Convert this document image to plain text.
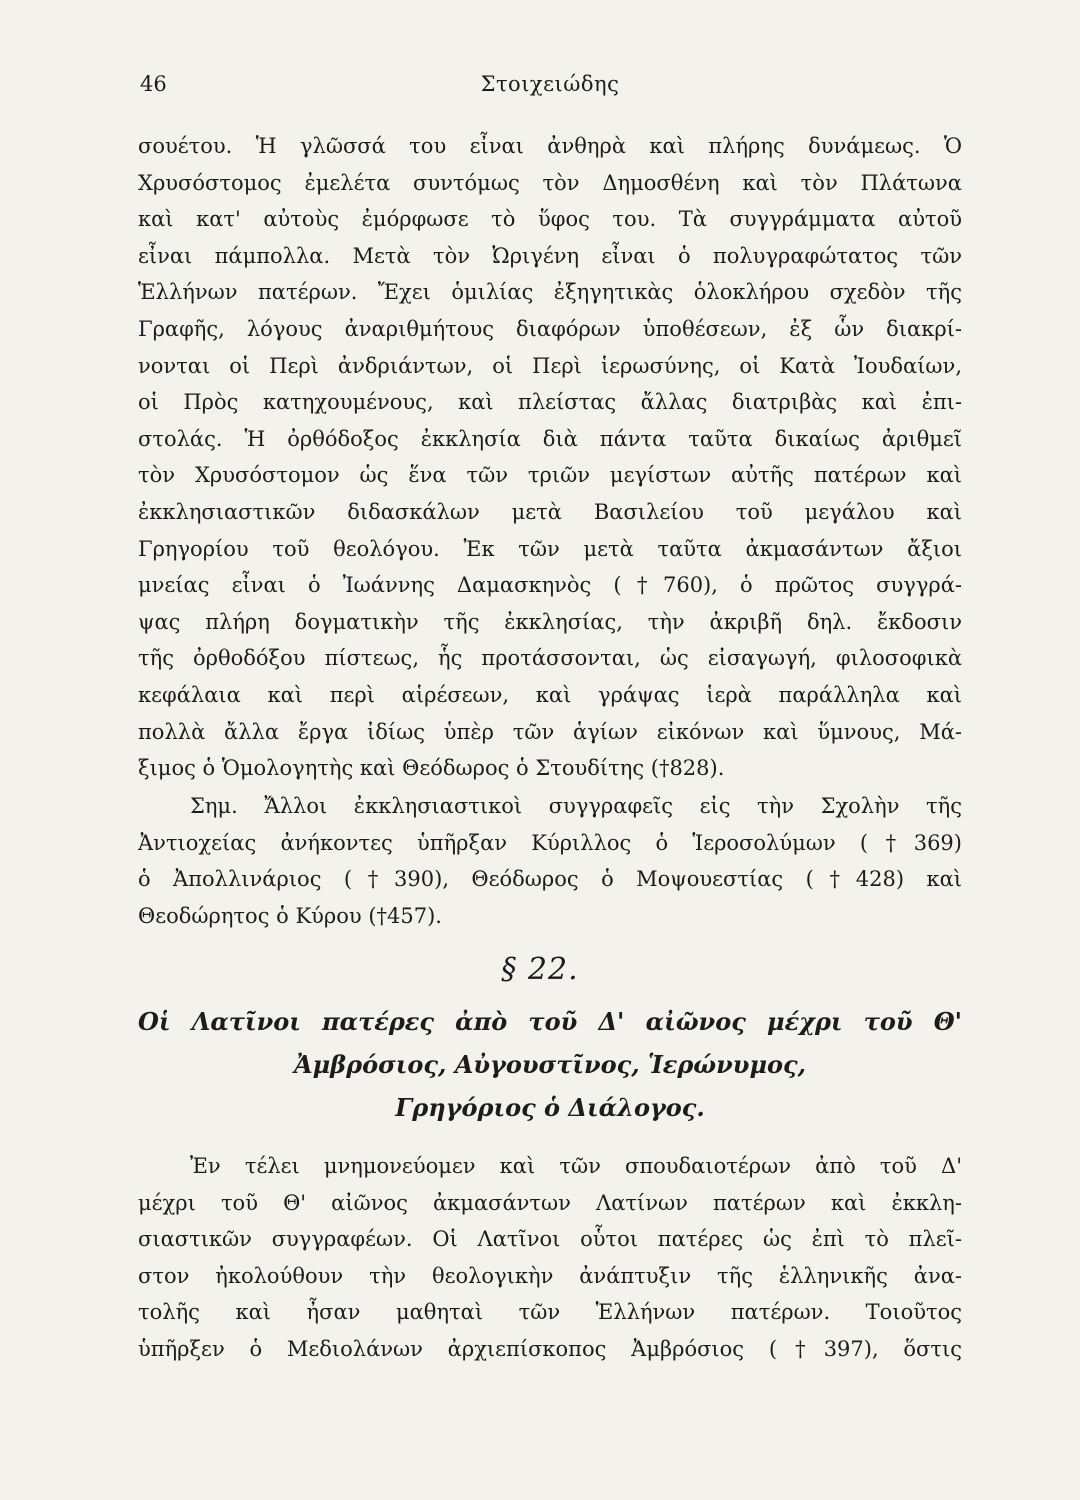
46	Στοιχειώδης
σουέτου. Ἡ γλῶσσά του εἶναι ἀνθηρὰ καὶ πλήρης δυνάμεως. Ὁ
Χρυσόστομος ἐμελέτα συντόμως τὸν Δημοσθένη καὶ τὸν Πλάτωνα
καὶ κατ' αὐτοὺς ἐμόρφωσε τὸ ὕφος του. Τὰ συγγράμματα αὐτοῦ
εἶναι πάμπολλα. Μετὰ τὸν Ὠριγένη εἶναι ὁ πολυγραφώτατος τῶν
Ἑλλήνων πατέρων. Ἔχει ὁμιλίας ἐξηγητικὰς ὁλοκλήρου σχεδὸν τῆς
Γραφῆς, λόγους ἀναριθμήτους διαφόρων ὑποθέσεων, ἐξ ὧν διακρί-
νονται οἱ Περὶ ἀνδριάντων, οἱ Περὶ ἱερωσύνης, οἱ Κατὰ Ἰουδαίων,
οἱ Πρὸς κατηχουμένους, καὶ πλείστας ἄλλας διατριβὰς καὶ ἐπι-
στολάς. Ἡ ὀρθόδοξος ἐκκλησία διὰ πάντα ταῦτα δικαίως ἀριθμεῖ
τὸν Χρυσόστομον ὡς ἕνα τῶν τριῶν μεγίστων αὐτῆς πατέρων καὶ
ἐκκλησιαστικῶν διδασκάλων μετὰ Βασιλείου τοῦ μεγάλου καὶ
Γρηγορίου τοῦ θεολόγου. Ἐκ τῶν μετὰ ταῦτα ἀκμασάντων ἄξιοι
μνείας εἶναι ὁ Ἰωάννης Δαμασκηνὸς (†760), ὁ πρῶτος συγγρά-
ψας πλήρη δογματικὴν τῆς ἐκκλησίας, τὴν ἀκριβῆ δηλ. ἔκδοσιν
τῆς ὀρθοδόξου πίστεως, ἧς προτάσσονται, ὡς εἰσαγωγή, φιλοσοφικὰ
κεφάλαια καὶ περὶ αἱρέσεων, καὶ γράψας ἱερὰ παράλληλα καὶ
πολλὰ ἄλλα ἔργα ἰδίως ὑπὲρ τῶν ἁγίων εἰκόνων καὶ ὕμνους, Μά-
ξιμος ὁ Ὁμολογητὴς καὶ Θεόδωρος ὁ Στουδίτης (†828).
Σημ. Ἄλλοι ἐκκλησιαστικοὶ συγγραφεῖς εἰς τὴν Σχολὴν τῆς
Ἀντιοχείας ἀνήκοντες ὑπῆρξαν Κύριλλος ὁ Ἱεροσολύμων (†369)
ὁ Ἀπολλινάριος (†390), Θεόδωρος ὁ Μοψουεστίας (†428) καὶ
Θεοδώρητος ὁ Κύρου (†457).
§ 22.
Οἱ Λατῖνοι πατέρες ἀπὸ τοῦ Δ' αἰῶνος μέχρι τοῦ Θ'
Ἀμβρόσιος, Αὐγουστῖνος, Ἱερώνυμος,
Γρηγόριος ὁ Διάλογος.
Ἐν τέλει μνημονεύομεν καὶ τῶν σπουδαιοτέρων ἀπὸ τοῦ Δ'
μέχρι τοῦ Θ' αἰῶνος ἀκμασάντων Λατίνων πατέρων καὶ ἐκκλη-
σιαστικῶν συγγραφέων. Οἱ Λατῖνοι οὗτοι πατέρες ὡς ἐπὶ τὸ πλεῖ-
στον ἠκολούθουν τὴν θεολογικὴν ἀνάπτυξιν τῆς ἑλληνικῆς ἀνα-
τολῆς καὶ ἦσαν μαθηταὶ τῶν Ἑλλήνων πατέρων. Τοιοῦτος
ὑπῆρξεν ὁ Μεδιολάνων ἀρχιεπίσκοπος Ἀμβρόσιος (†397), ὅστις
